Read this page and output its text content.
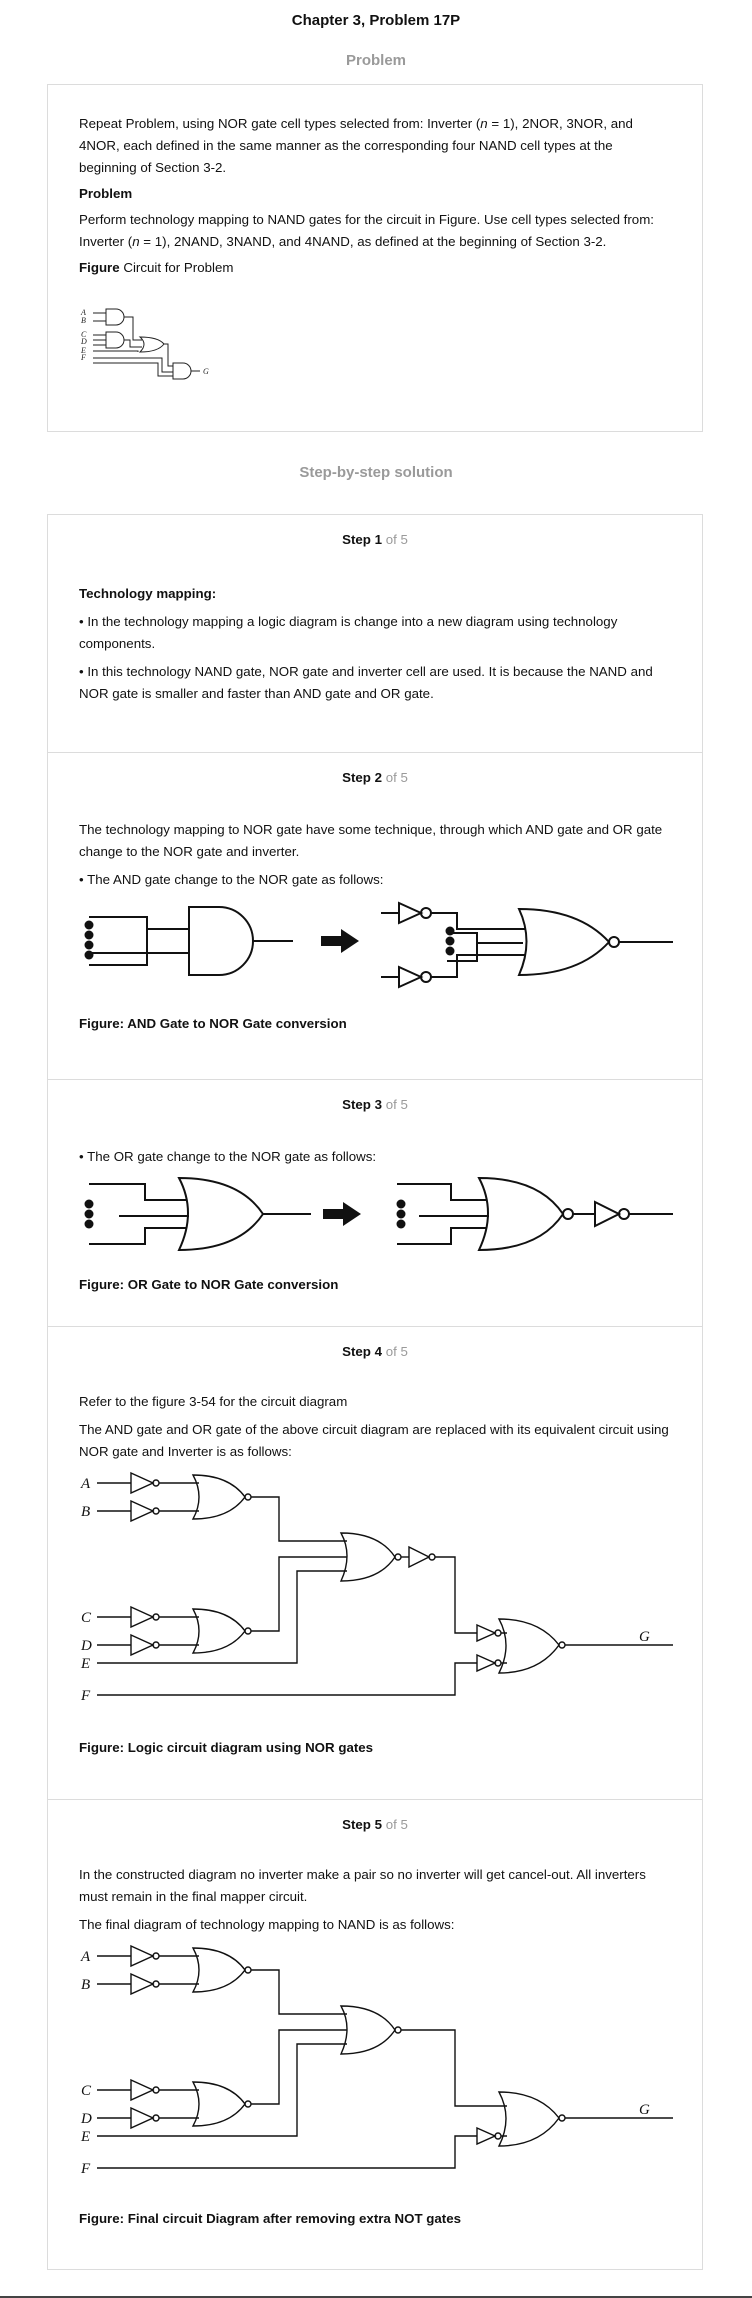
Chapter 3, Problem 17P
Problem

Repeat Problem, using NOR gate cell types selected from: Inverter (n = 1), 2NOR, 3NOR, and 4NOR, each defined in the same manner as the corresponding four NAND cell types at the beginning of Section 3-2.

Problem

Perform technology mapping to NAND gates for the circuit in Figure. Use cell types selected from: Inverter (n = 1), 2NAND, 3NAND, and 4NAND, as defined at the beginning of Section 3-2.

Figure Circuit for Problem

A
B
C
D
E
F
G
Step-by-step solution
Step 1 of 5

Technology mapping:

• In the technology mapping a logic diagram is change into a new diagram using technology components.

• In this technology NAND gate, NOR gate and inverter cell are used. It is because the NAND and NOR gate is smaller and faster than AND gate and OR gate.

Step 2 of 5

The technology mapping to NOR gate have some technique, through which AND gate and OR gate change to the NOR gate and inverter.

• The AND gate change to the NOR gate as follows:

Figure: AND Gate to NOR Gate conversion

Step 3 of 5

• The OR gate change to the NOR gate as follows:

Figure: OR Gate to NOR Gate conversion

Step 4 of 5

Refer to the figure 3-54 for the circuit diagram

The AND gate and OR gate of the above circuit diagram are replaced with its equivalent circuit using NOR gate and Inverter is as follows:

A
B
C
D
E
F
G

Figure: Logic circuit diagram using NOR gates

Step 5 of 5

In the constructed diagram no inverter make a pair so no inverter will get cancel-out. All inverters must remain in the final mapper circuit.

The final diagram of technology mapping to NAND is as follows:

A
B
C
D
E
F
G

Figure: Final circuit Diagram after removing extra NOT gates
